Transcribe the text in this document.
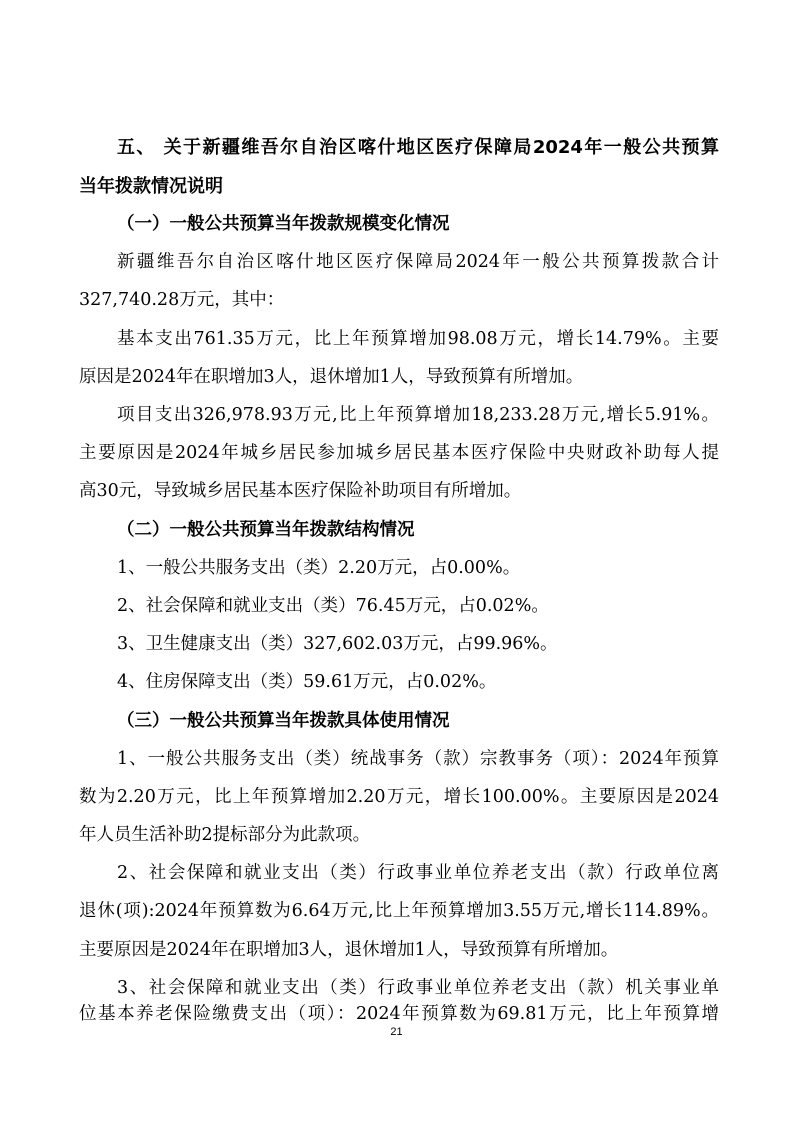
五、 关于新疆维吾尔自治区喀什地区医疗保障局2024年一般公共预算
当年拨款情况说明
（一）一般公共预算当年拨款规模变化情况
新疆维吾尔自治区喀什地区医疗保障局2024年一般公共预算拨款合计
327,740.28万元，其中：
基本支出761.35万元，比上年预算增加98.08万元，增长14.79%。主要
原因是2024年在职增加3人，退休增加1人，导致预算有所增加。
项目支出326,978.93万元,比上年预算增加18,233.28万元,增长5.91%。
主要原因是2024年城乡居民参加城乡居民基本医疗保险中央财政补助每人提
高30元，导致城乡居民基本医疗保险补助项目有所增加。
（二）一般公共预算当年拨款结构情况
1、一般公共服务支出（类）2.20万元，占0.00%。
2、社会保障和就业支出（类）76.45万元，占0.02%。
3、卫生健康支出（类）327,602.03万元，占99.96%。
4、住房保障支出（类）59.61万元，占0.02%。
（三）一般公共预算当年拨款具体使用情况
1、一般公共服务支出（类）统战事务（款）宗教事务（项）：2024年预算
数为2.20万元，比上年预算增加2.20万元，增长100.00%。主要原因是2024
年人员生活补助2提标部分为此款项。
2、社会保障和就业支出（类）行政事业单位养老支出（款）行政单位离
退休(项):2024年预算数为6.64万元,比上年预算增加3.55万元,增长114.89%。
主要原因是2024年在职增加3人，退休增加1人，导致预算有所增加。
3、社会保障和就业支出（类）行政事业单位养老支出（款）机关事业单
位基本养老保险缴费支出（项）：2024年预算数为69.81万元，比上年预算增
21
